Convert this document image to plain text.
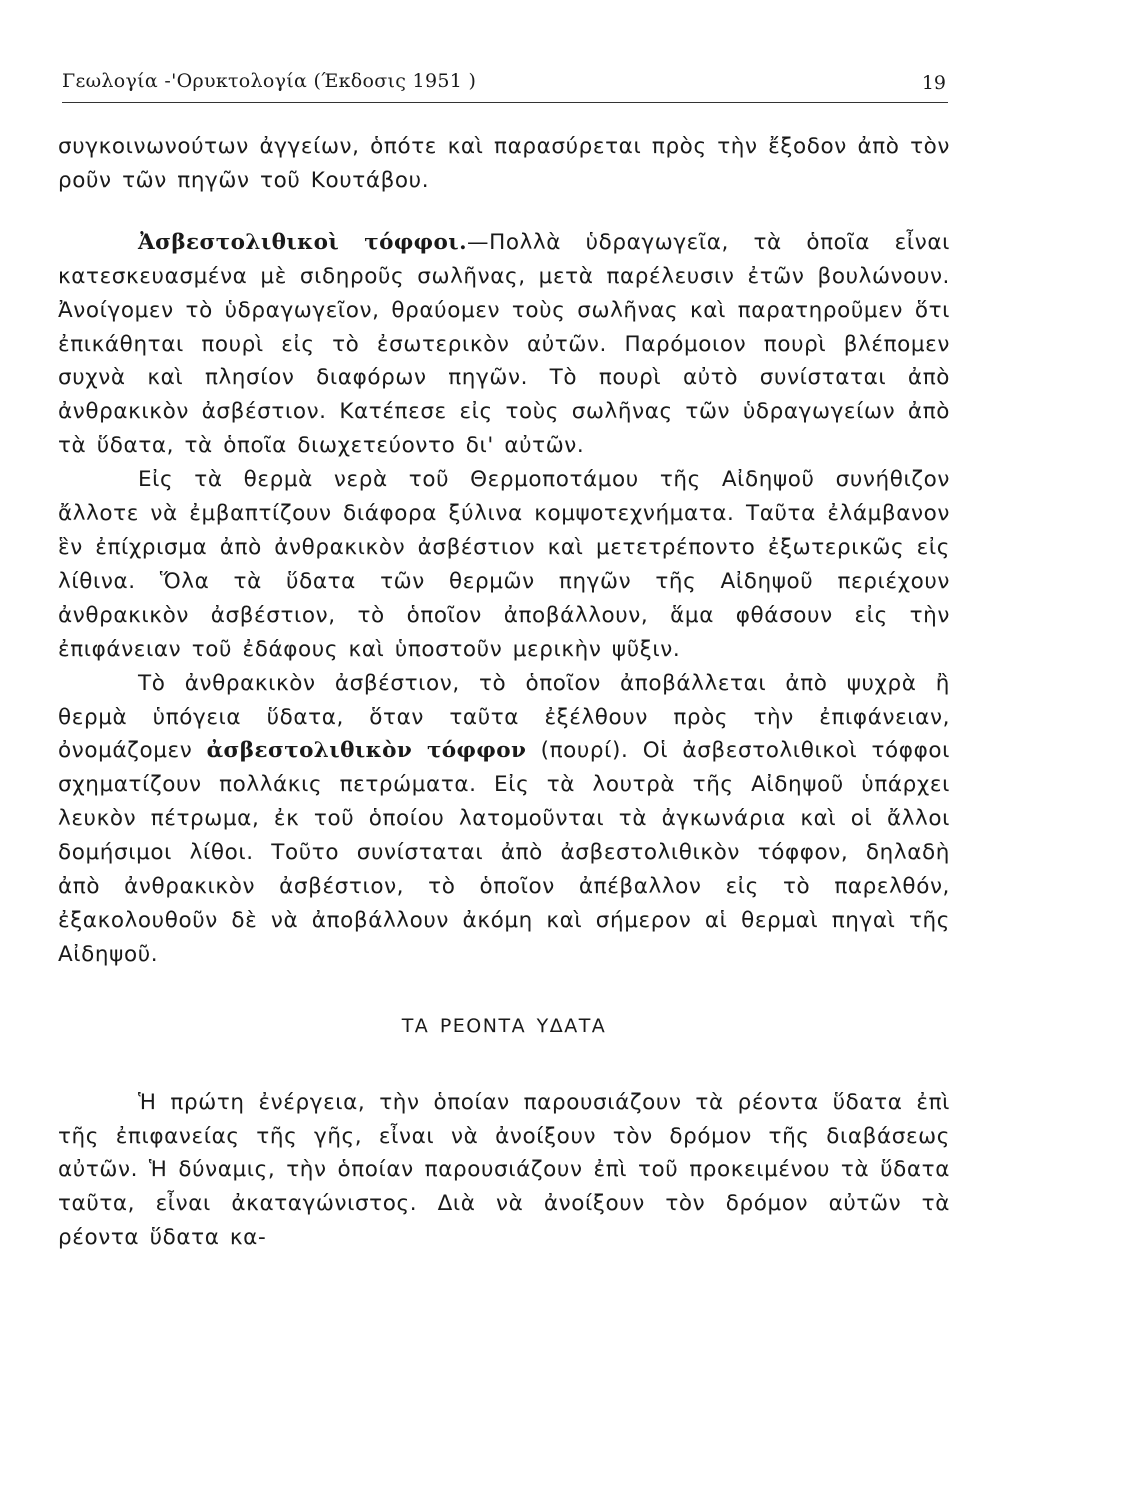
Γεωλογία -'Ορυκτολογία (Έκδοσις 1951 )	19

συγκοινωνούτων ἀγγείων, ὁπότε καὶ παρασύρεται πρὸς τὴν ἔξοδον ἀπὸ τὸν ροῦν τῶν πηγῶν τοῦ Κουτάβου.

Ἀσβεστολιθικοὶ τόφφοι.—Πολλὰ ὑδραγωγεῖα, τὰ ὁποῖα εἶναι κατεσκευασμένα μὲ σιδηροῦς σωλῆνας, μετὰ παρέλευσιν ἐτῶν βουλώνουν. Ἀνοίγομεν τὸ ὑδραγωγεῖον, θραύομεν τοὺς σωλῆνας καὶ παρατηροῦμεν ὅτι ἐπικάθηται πουρὶ εἰς τὸ ἐσωτερικὸν αὐτῶν. Παρόμοιον πουρὶ βλέπομεν συχνὰ καὶ πλησίον διαφόρων πηγῶν. Τὸ πουρὶ αὐτὸ συνίσταται ἀπὸ ἀνθρακικὸν ἀσβέστιον. Κατέπεσε εἰς τοὺς σωλῆνας τῶν ὑδραγωγείων ἀπὸ τὰ ὕδατα, τὰ ὁποῖα διωχετεύοντο δι' αὐτῶν.

Εἰς τὰ θερμὰ νερὰ τοῦ Θερμοποτάμου τῆς Αἰδηψοῦ συνήθιζον ἄλλοτε νὰ ἐμβαπτίζουν διάφορα ξύλινα κομψοτεχνήματα. Ταῦτα ἐλάμβανον ἓν ἐπίχρισμα ἀπὸ ἀνθρακικὸν ἀσβέστιον καὶ μετετρέποντο ἐξωτερικῶς εἰς λίθινα. Ὅλα τὰ ὕδατα τῶν θερμῶν πηγῶν τῆς Αἰδηψοῦ περιέχουν ἀνθρακικὸν ἀσβέστιον, τὸ ὁποῖον ἀποβάλλουν, ἅμα φθάσουν εἰς τὴν ἐπιφάνειαν τοῦ ἐδάφους καὶ ὑποστοῦν μερικὴν ψῦξιν.

Τὸ ἀνθρακικὸν ἀσβέστιον, τὸ ὁποῖον ἀποβάλλεται ἀπὸ ψυχρὰ ἢ θερμὰ ὑπόγεια ὕδατα, ὅταν ταῦτα ἐξέλθουν πρὸς τὴν ἐπιφάνειαν, ὀνομάζομεν ἀσβεστολιθικὸν τόφφον (πουρί). Οἱ ἀσβεστολιθικοὶ τόφφοι σχηματίζουν πολλάκις πετρώματα. Εἰς τὰ λουτρὰ τῆς Αἰδηψοῦ ὑπάρχει λευκὸν πέτρωμα, ἐκ τοῦ ὁποίου λατομοῦνται τὰ ἀγκωνάρια καὶ οἱ ἄλλοι δομήσιμοι λίθοι. Τοῦτο συνίσταται ἀπὸ ἀσβεστολιθικὸν τόφφον, δηλαδὴ ἀπὸ ἀνθρακικὸν ἀσβέστιον, τὸ ὁποῖον ἀπέβαλλον εἰς τὸ παρελθόν, ἐξακολουθοῦν δὲ νὰ ἀποβάλλουν ἀκόμη καὶ σήμερον αἱ θερμαὶ πηγαὶ τῆς Αἰδηψοῦ.

ΤΑ ΡΕΟΝΤΑ ΥΔΑΤΑ

Ἡ πρώτη ἐνέργεια, τὴν ὁποίαν παρουσιάζουν τὰ ρέοντα ὕδατα ἐπὶ τῆς ἐπιφανείας τῆς γῆς, εἶναι νὰ ἀνοίξουν τὸν δρόμον τῆς διαβάσεως αὐτῶν. Ἡ δύναμις, τὴν ὁποίαν παρουσιάζουν ἐπὶ τοῦ προκειμένου τὰ ὕδατα ταῦτα, εἶναι ἀκαταγώνιστος. Διὰ νὰ ἀνοίξουν τὸν δρόμον αὐτῶν τὰ ρέοντα ὕδατα κα-
